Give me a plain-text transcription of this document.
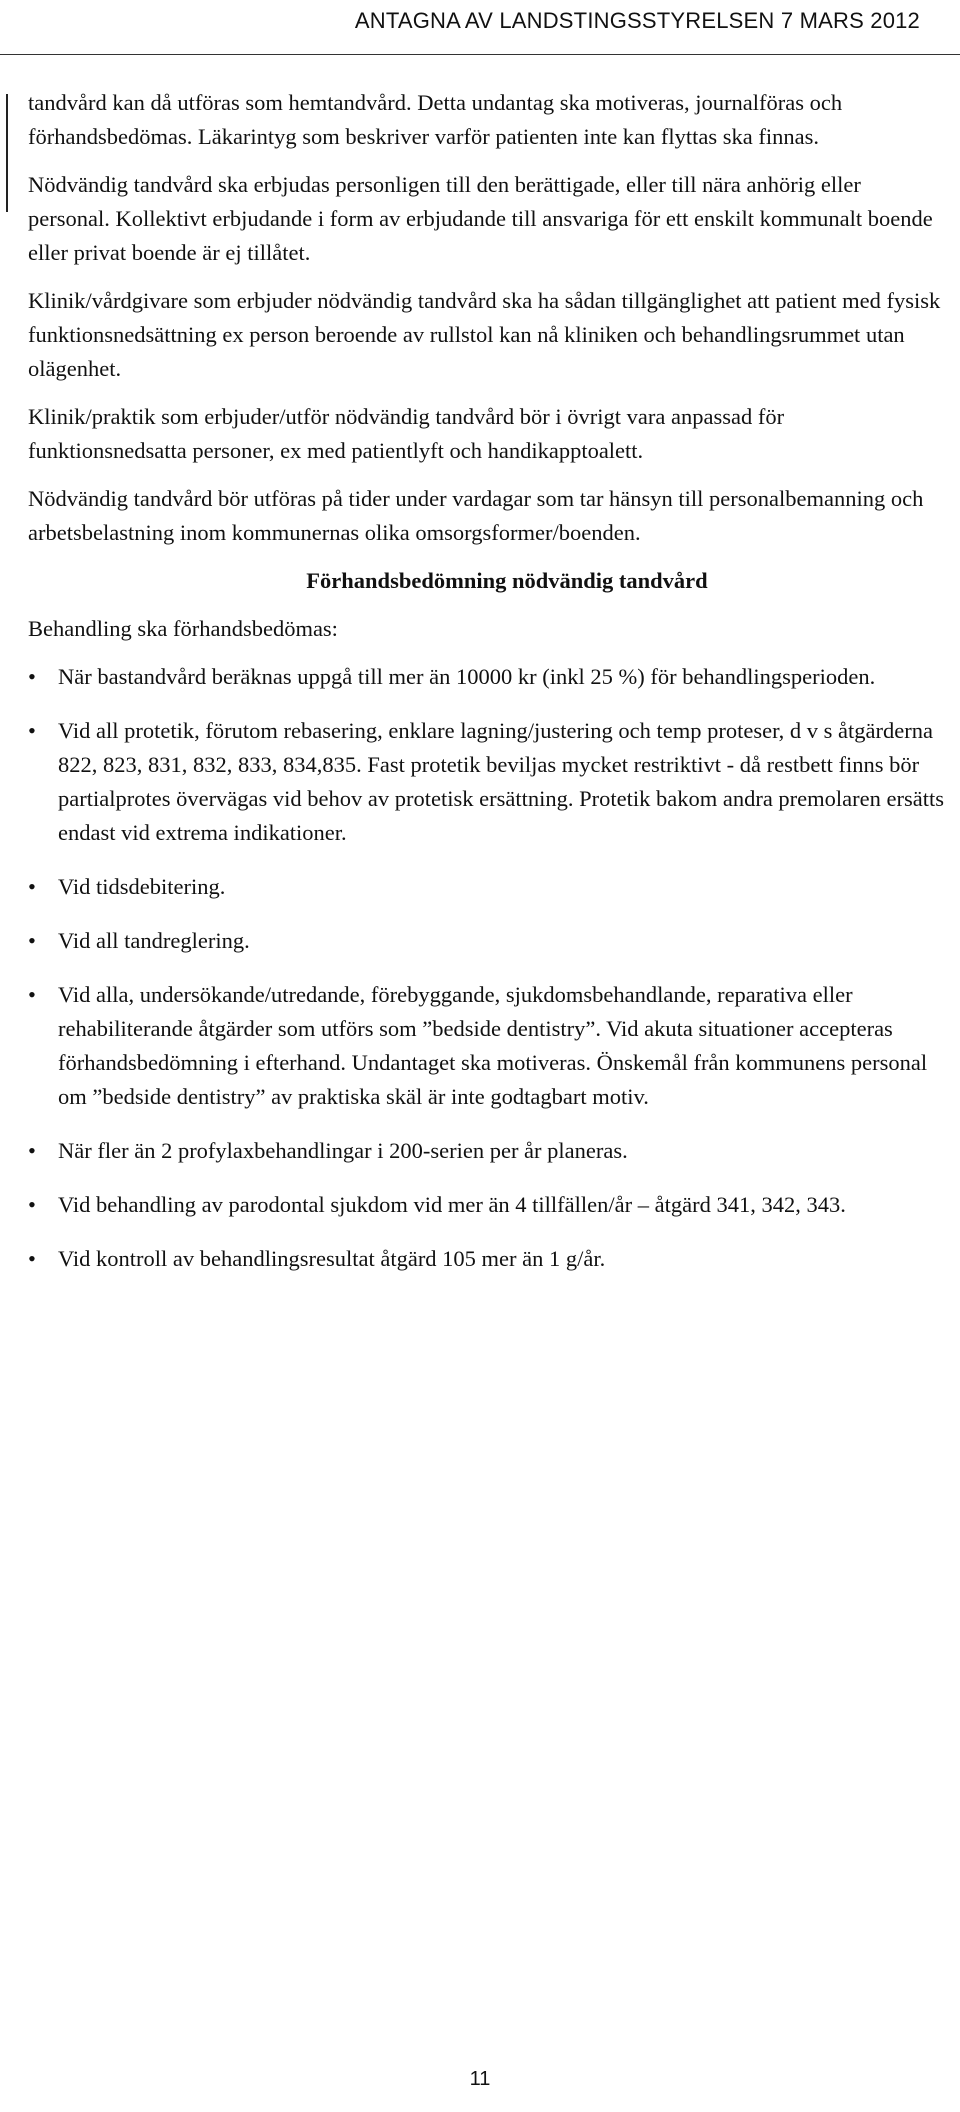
ANTAGNA AV LANDSTINGSSTYRELSEN 7 MARS 2012

tandvård kan då utföras som hemtandvård. Detta undantag ska motiveras, journalföras och förhandsbedömas. Läkarintyg som beskriver varför patienten inte kan flyttas ska finnas.

Nödvändig tandvård ska erbjudas personligen till den berättigade, eller till nära anhörig eller personal. Kollektivt erbjudande i form av erbjudande till ansvariga för ett enskilt kommunalt boende eller privat boende är ej tillåtet.

Klinik/vårdgivare som erbjuder nödvändig tandvård ska ha sådan tillgänglighet att patient med fysisk funktionsnedsättning ex person beroende av rullstol kan nå kliniken och behandlingsrummet utan olägenhet.

Klinik/praktik som erbjuder/utför nödvändig tandvård bör i övrigt vara anpassad för funktionsnedsatta personer, ex med patientlyft och handikapptoalett.

Nödvändig tandvård bör utföras på tider under vardagar som tar hänsyn till personalbemanning och arbetsbelastning inom kommunernas olika omsorgsformer/boenden.

Förhandsbedömning nödvändig tandvård

Behandling ska förhandsbedömas:

• När bastandvård beräknas uppgå till mer än 10000 kr (inkl 25 %) för behandlingsperioden.
• Vid all protetik, förutom rebasering, enklare lagning/justering och temp proteser, d v s åtgärderna 822, 823, 831, 832, 833, 834,835. Fast protetik beviljas mycket restriktivt - då restbett finns bör partialprotes övervägas vid behov av protetisk ersättning. Protetik bakom andra premolaren ersätts endast vid extrema indikationer.
• Vid tidsdebitering.
• Vid all tandreglering.
• Vid alla, undersökande/utredande, förebyggande, sjukdomsbehandlande, reparativa eller rehabiliterande åtgärder som utförs som ”bedside dentistry”. Vid akuta situationer accepteras förhandsbedömning i efterhand. Undantaget ska motiveras. Önskemål från kommunens personal om ”bedside dentistry” av praktiska skäl är inte godtagbart motiv.
• När fler än 2 profylaxbehandlingar i 200-serien per år planeras.
• Vid behandling av parodontal sjukdom vid mer än 4 tillfällen/år – åtgärd 341, 342, 343.
• Vid kontroll av behandlingsresultat åtgärd 105 mer än 1 g/år.
11
